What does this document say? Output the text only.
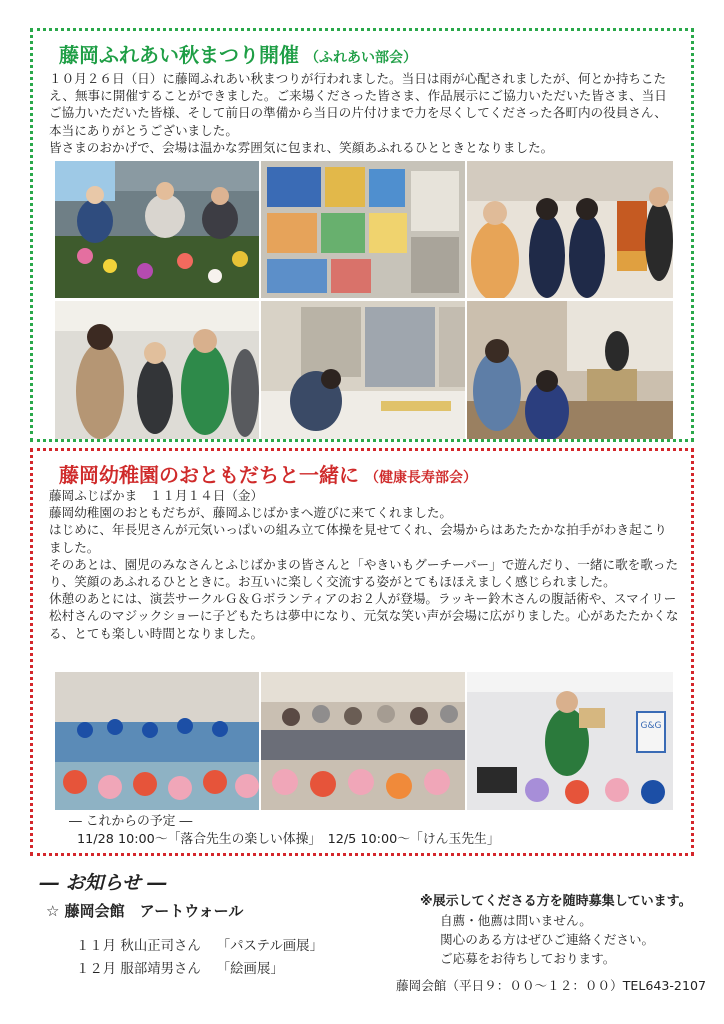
藤岡ふれあい秋まつり開催 （ふれあい部会）

１０月２６日（日）に藤岡ふれあい秋まつりが行われました。当日は雨が心配されましたが、何とか持ちこたえ、無事に開催することができました。ご来場くださった皆さま、作品展示にご協力いただいた皆さま、当日ご協力いただいた皆様、そして前日の準備から当日の片付けまで力を尽くしてくださった各町内の役員さん、本当にありがとうございました。

皆さまのおかげで、会場は温かな雰囲気に包まれ、笑顔あふれるひとときとなりました。

藤岡幼稚園のおともだちと一緒に （健康長寿部会）

藤岡ふじばかま　１１月１４日（金）

藤岡幼稚園のおともだちが、藤岡ふじばかまへ遊びに来てくれました。

はじめに、年長児さんが元気いっぱいの組み立て体操を見せてくれ、会場からはあたたかな拍手がわき起こりました。

そのあとは、園児のみなさんとふじばかまの皆さんと「やきいもグーチーパー」で遊んだり、一緒に歌を歌ったり、笑顔のあふれるひとときに。お互いに楽しく交流する姿がとてもほほえましく感じられました。

休憩のあとには、演芸サークルＧ＆Ｇボランティアのお２人が登場。ラッキー鈴木さんの腹話術や、スマイリー松村さんのマジックショーに子どもたちは夢中になり、元気な笑い声が会場に広がりました。心があたたかくなる、とても楽しい時間となりました。

G&G
― これからの予定 ―
11/28 10:00～「落合先生の楽しい体操」　12/5 10:00～「けん玉先生」
― お知らせ ―
☆ 藤岡会館　アートウォール
１１月 秋山正司さん 「パステル画展」
１２月 服部靖男さん 「絵画展」
※展示してくださる方を随時募集しています。
自薦・他薦は問いません。
関心のある方はぜひご連絡ください。
ご応募をお待ちしております。
藤岡会館（平日９：００～１２：００）TEL643-2107
